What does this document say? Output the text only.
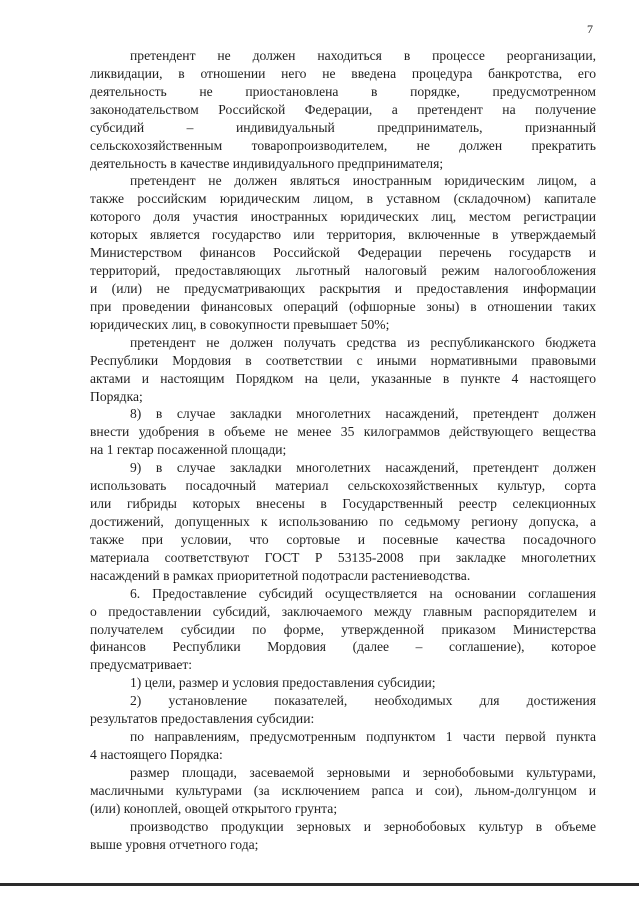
7
претендент не должен находиться в процессе реорганизации,
ликвидации, в отношении него не введена процедура банкротства, его
деятельность не приостановлена в порядке, предусмотренном
законодательством Российской Федерации, а претендент на получение
субсидий – индивидуальный предприниматель, признанный
сельскохозяйственным товаропроизводителем, не должен прекратить
деятельность в качестве индивидуального предпринимателя;
претендент не должен являться иностранным юридическим лицом, а
также российским юридическим лицом, в уставном (складочном) капитале
которого доля участия иностранных юридических лиц, местом регистрации
которых является государство или территория, включенные в утверждаемый
Министерством финансов Российской Федерации перечень государств и
территорий, предоставляющих льготный налоговый режим налогообложения
и (или) не предусматривающих раскрытия и предоставления информации
при проведении финансовых операций (офшорные зоны) в отношении таких
юридических лиц, в совокупности превышает 50%;
претендент не должен получать средства из республиканского бюджета
Республики Мордовия в соответствии с иными нормативными правовыми
актами и настоящим Порядком на цели, указанные в пункте 4 настоящего
Порядка;
8) в случае закладки многолетних насаждений, претендент должен
внести удобрения в объеме не менее 35 килограммов действующего вещества
на 1 гектар посаженной площади;
9) в случае закладки многолетних насаждений, претендент должен
использовать посадочный материал сельскохозяйственных культур, сорта
или гибриды которых внесены в Государственный реестр селекционных
достижений, допущенных к использованию по седьмому региону допуска, а
также при условии, что сортовые и посевные качества посадочного
материала соответствуют ГОСТ Р 53135-2008 при закладке многолетних
насаждений в рамках приоритетной подотрасли растениеводства.
6. Предоставление субсидий осуществляется на основании соглашения
о предоставлении субсидий, заключаемого между главным распорядителем и
получателем субсидии по форме, утвержденной приказом Министерства
финансов Республики Мордовия (далее – соглашение), которое
предусматривает:
1) цели, размер и условия предоставления субсидии;
2) установление показателей, необходимых для достижения
результатов предоставления субсидии:
по направлениям, предусмотренным подпунктом 1 части первой пункта
4 настоящего Порядка:
размер площади, засеваемой зерновыми и зернобобовыми культурами,
масличными культурами (за исключением рапса и сои), льном-долгунцом и
(или) коноплей, овощей открытого грунта;
производство продукции зерновых и зернобобовых культур в объеме
выше уровня отчетного года;
